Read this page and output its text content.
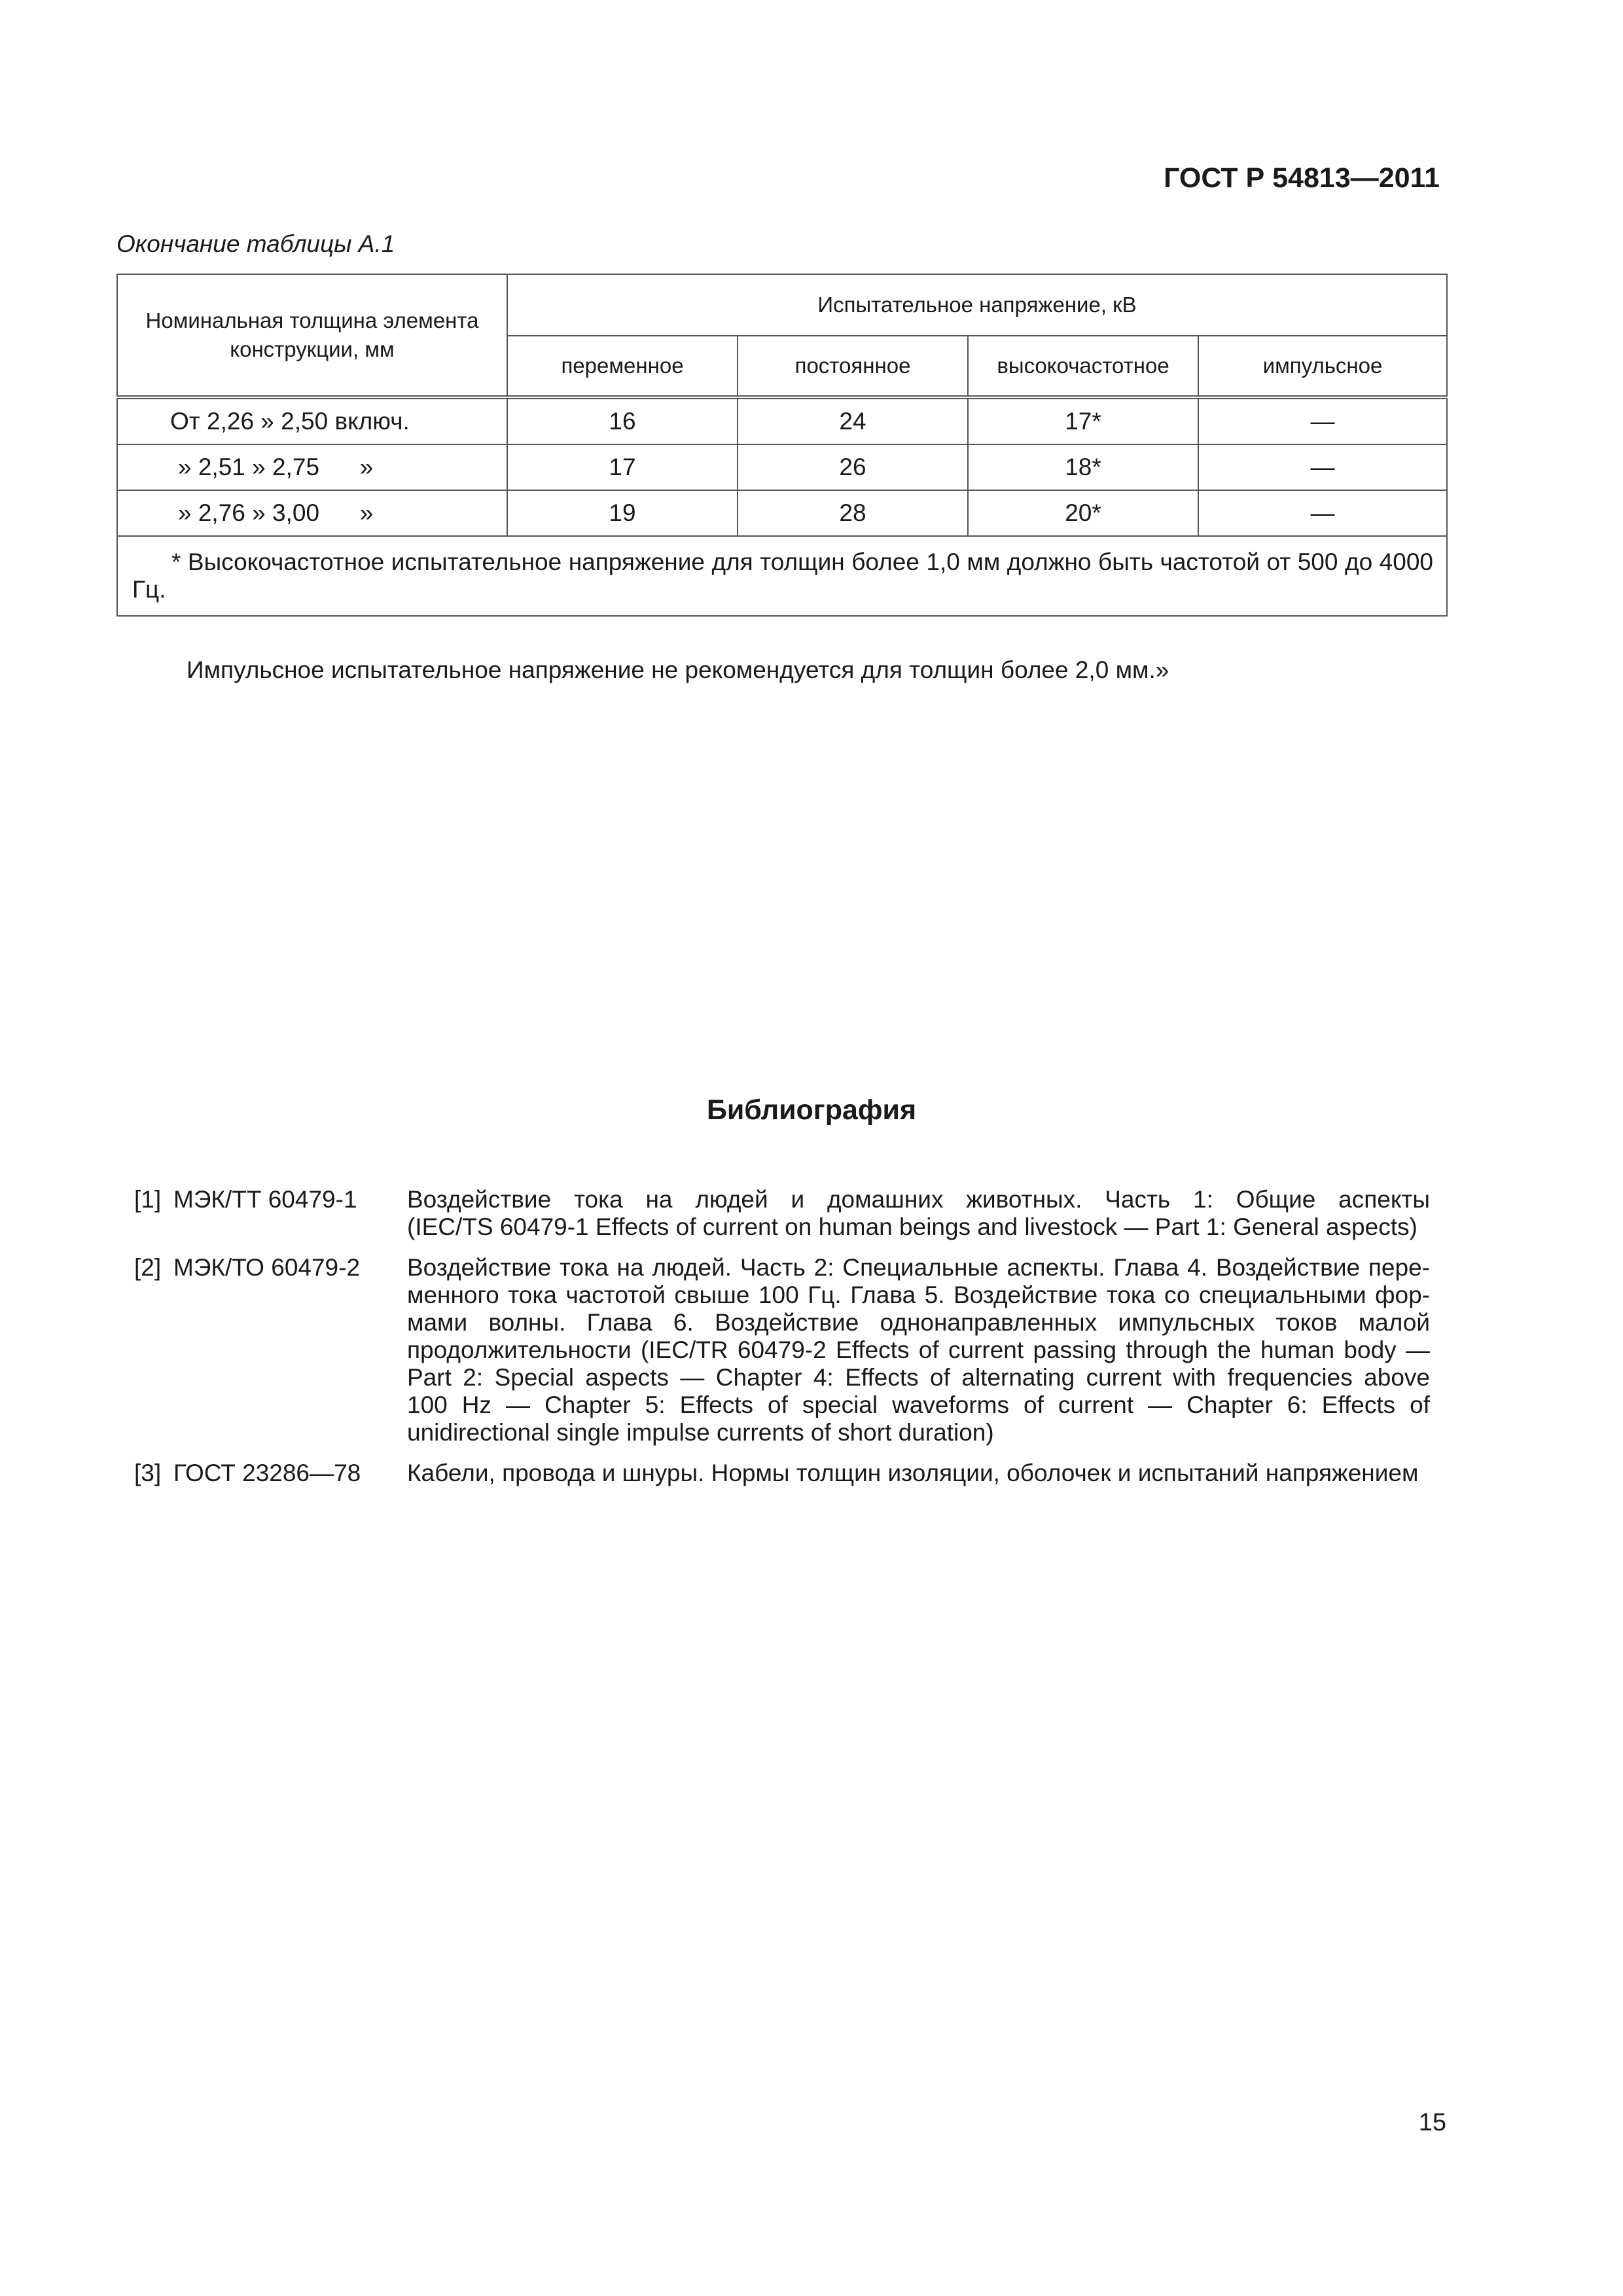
ГОСТ Р 54813—2011
Окончание таблицы А.1
Номинальная толщина элемента конструкции, мм	Испытательное напряжение, кВ			
	переменное	постоянное	высокочастотное	импульсное
От 2,26 » 2,50 включ.	16	24	17*	—
» 2,51 » 2,75      »	17	26	18*	—
» 2,76 » 3,00      »	19	28	20*	—

* Высокочастотное испытательное напряжение для толщин более 1,0 мм должно быть частотой от 500 до 4000 Гц.				
Импульсное испытательное напряжение не рекомендуется для толщин более 2,0 мм.»
Библиография
[1] МЭК/ТТ 60479-1	Воздействие тока на людей и домашних животных. Часть 1: Общие аспекты
(IEC/TS 60479-1 Effects of current on human beings and livestock — Part 1: General aspects)
[2] МЭК/ТО 60479-2	Воздействие тока на людей. Часть 2: Специальные аспекты. Глава 4. Воздействие пере-
менного тока частотой свыше 100 Гц. Глава 5. Воздействие тока со специальными фор-
мами волны. Глава 6. Воздействие однонаправленных импульсных токов малой
продолжительности (IEC/TR 60479-2 Effects of current passing through the human body —
Part 2: Special aspects — Chapter 4: Effects of alternating current with frequencies above
100 Hz — Chapter 5: Effects of special waveforms of current — Chapter 6: Effects of
unidirectional single impulse currents of short duration)
[3] ГОСТ 23286—78	Кабели, провода и шнуры. Нормы толщин изоляции, оболочек и испытаний напряжением
15
